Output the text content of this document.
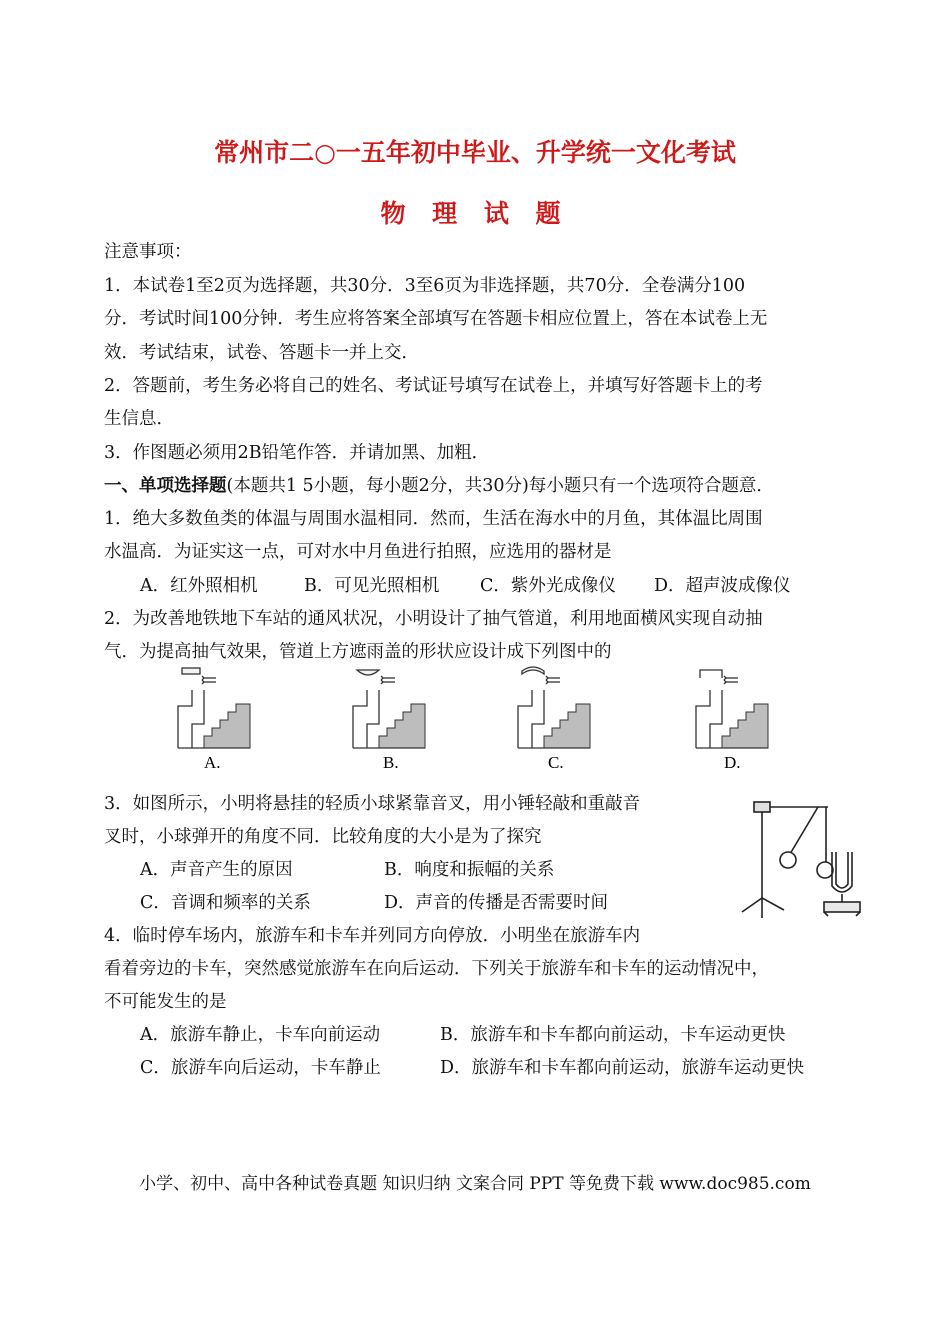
常州市二○一五年初中毕业、升学统一文化考试
物 理 试 题
注意事项：
1．本试卷1至2页为选择题，共30分．3至6页为非选择题，共70分．全卷满分100
分．考试时间100分钟．考生应将答案全部填写在答题卡相应位置上，答在本试卷上无
效．考试结束，试卷、答题卡一并上交．
2．答题前，考生务必将自己的姓名、考试证号填写在试卷上，并填写好答题卡上的考
生信息．
3．作图题必须用2B铅笔作答．并请加黑、加粗．
一、单项选择题(本题共1 5小题，每小题2分，共30分)每小题只有一个选项符合题意．
1．绝大多数鱼类的体温与周围水温相同．然而，生活在海水中的月鱼，其体温比周围
水温高．为证实这一点，可对水中月鱼进行拍照，应选用的器材是
A．红外照相机	B．可见光照相机 C．紫外光成像仪 D．超声波成像仪
2．为改善地铁地下车站的通风状况，小明设计了抽气管道，利用地面横风实现自动抽
气．为提高抽气效果，管道上方遮雨盖的形状应设计成下列图中的
A.	B.	C.	D.
3．如图所示，小明将悬挂的轻质小球紧靠音叉，用小锤轻敲和重敲音
叉时，小球弹开的角度不同．比较角度的大小是为了探究
A．声音产生的原因	B．响度和振幅的关系
C．音调和频率的关系	D．声音的传播是否需要时间
4．临时停车场内，旅游车和卡车并列同方向停放．小明坐在旅游车内
看着旁边的卡车，突然感觉旅游车在向后运动．下列关于旅游车和卡车的运动情况中，
不可能发生的是
A．旅游车静止，卡车向前运动	B．旅游车和卡车都向前运动，卡车运动更快
C．旅游车向后运动，卡车静止	D．旅游车和卡车都向前运动，旅游车运动更快
小学、初中、高中各种试卷真题 知识归纳 文案合同 PPT 等免费下载 www.doc985.com
